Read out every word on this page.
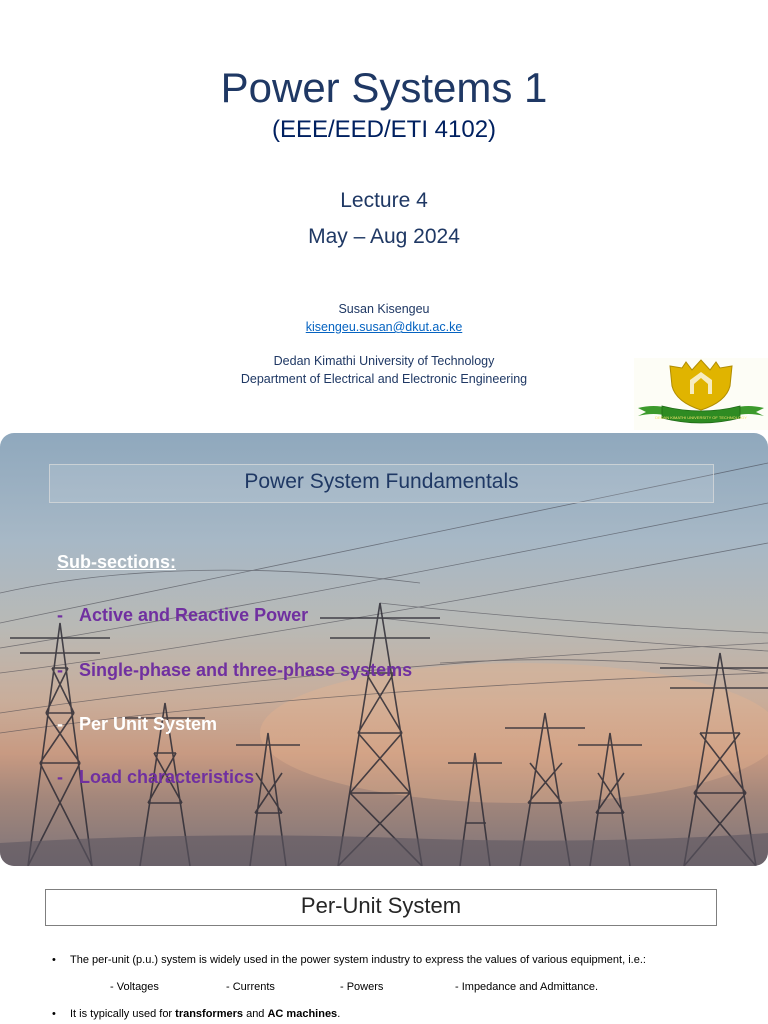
Power Systems 1
(EEE/EED/ETI 4102)
Lecture 4
May – Aug 2024
Susan Kisengeu
kisengeu.susan@dkut.ac.ke
Dedan Kimathi University of Technology
Department of Electrical and Electronic Engineering
DEDAN KIMATHI UNIVERSITY OF TECHNOLOGY
Power System Fundamentals
Sub-sections:
- Active and Reactive Power
- Single-phase and three-phase systems
- Per Unit System
- Load characteristics
Per-Unit System
• The per-unit (p.u.) system is widely used in the power system industry to express the values of various equipment, i.e.:
- Voltages	- Currents	- Powers	- Impedance and Admittance.
• It is typically used for transformers and AC machines.
